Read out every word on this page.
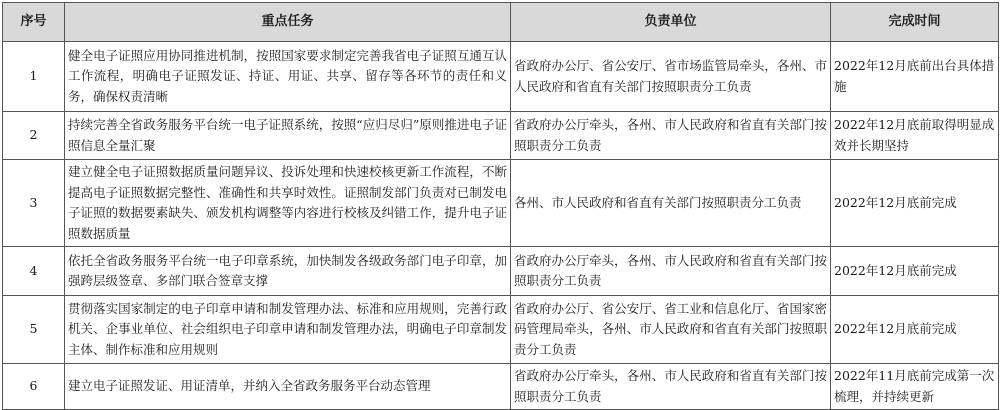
序号	重点任务	负责单位	完成时间
1	健全电子证照应用协同推进机制，按照国家要求制定完善我省电子证照互通互认工作流程，明确电子证照发证、持证、用证、共享、留存等各环节的责任和义务，确保权责清晰	省政府办公厅、省公安厅、省市场监管局牵头，各州、市人民政府和省直有关部门按照职责分工负责	2022年12月底前出台具体措施
2	持续完善全省政务服务平台统一电子证照系统，按照“应归尽归”原则推进电子证照信息全量汇聚	省政府办公厅牵头，各州、市人民政府和省直有关部门按照职责分工负责	2022年12月底前取得明显成效并长期坚持
3	建立健全电子证照数据质量问题异议、投诉处理和快速校核更新工作流程，不断提高电子证照数据完整性、准确性和共享时效性。证照制发部门负责对已制发电子证照的数据要素缺失、颁发机构调整等内容进行校核及纠错工作，提升电子证照数据质量	各州、市人民政府和省直有关部门按照职责分工负责	2022年12月底前完成
4	依托全省政务服务平台统一电子印章系统，加快制发各级政务部门电子印章，加强跨层级签章、多部门联合签章支撑	省政府办公厅牵头，各州、市人民政府和省直有关部门按照职责分工负责	2022年12月底前完成
5	贯彻落实国家制定的电子印章申请和制发管理办法、标准和应用规则，完善行政机关、企事业单位、社会组织电子印章申请和制发管理办法，明确电子印章制发主体、制作标准和应用规则	省政府办公厅、省公安厅、省工业和信息化厅、省国家密码管理局牵头，各州、市人民政府和省直有关部门按照职责分工负责	2022年12月底前完成
6	建立电子证照发证、用证清单，并纳入全省政务服务平台动态管理	省政府办公厅牵头，各州、市人民政府和省直有关部门按照职责分工负责	2022年11月底前完成第一次梳理，并持续更新
